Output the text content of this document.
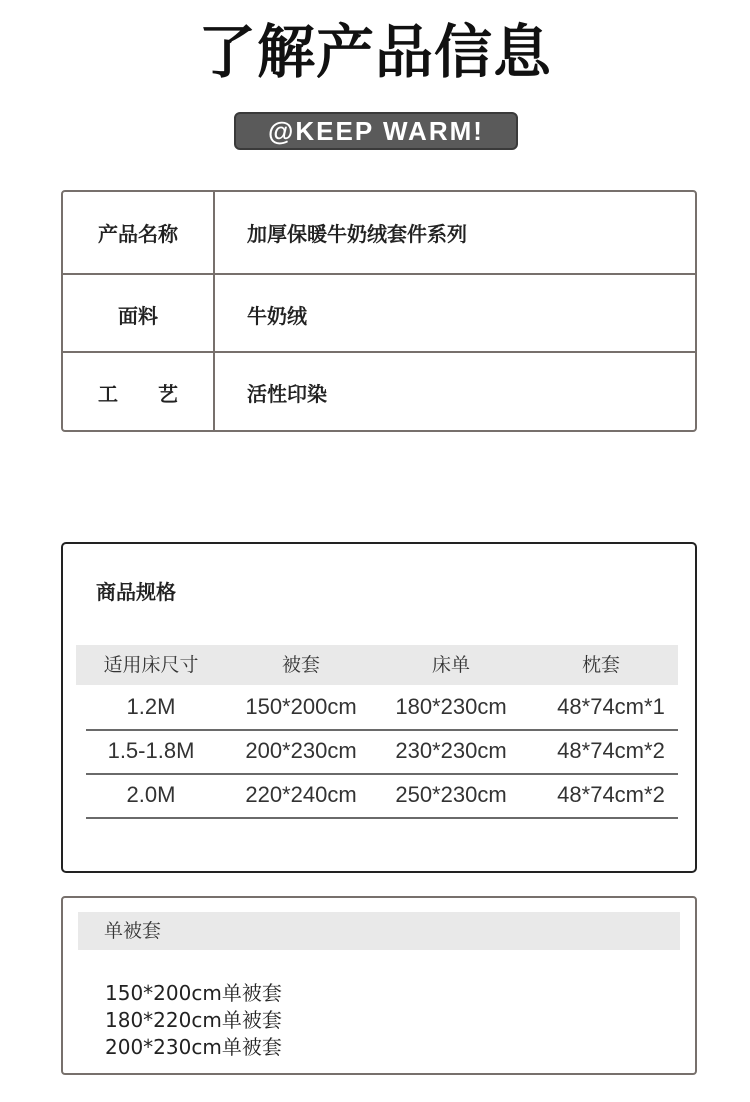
了解产品信息
@KEEP WARM!
产品名称	加厚保暖牛奶绒套件系列
面料	牛奶绒
工　　艺	活性印染
商品规格
适用床尺寸	被套	床单	枕套
1.2M	150*200cm	180*230cm	48*74cm*1
1.5-1.8M	200*230cm	230*230cm	48*74cm*2
2.0M	220*240cm	250*230cm	48*74cm*2
单被套
150*200cm单被套
180*220cm单被套
200*230cm单被套
